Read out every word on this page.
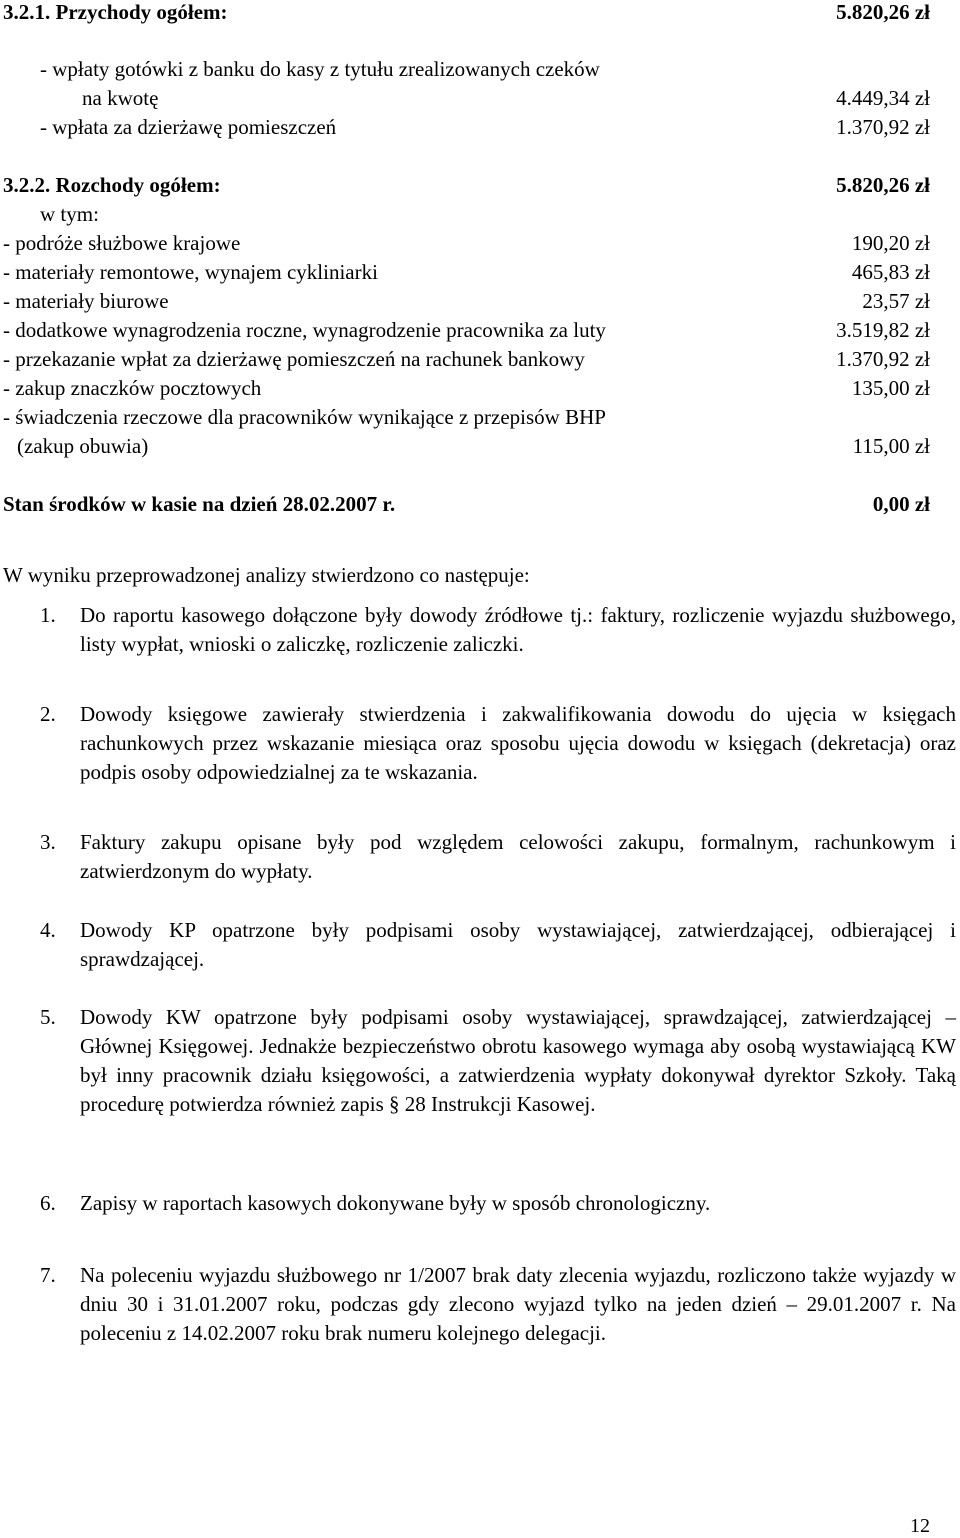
3.2.1. Przychody ogółem:	5.820,26 zł
- wpłaty gotówki z banku do kasy z tytułu zrealizowanych czeków
na kwotę	4.449,34 zł
- wpłata za dzierżawę pomieszczeń	1.370,92 zł
3.2.2. Rozchody ogółem:	5.820,26 zł
w tym:
- podróże służbowe krajowe	190,20 zł
- materiały remontowe, wynajem cykliniarki	465,83 zł
- materiały biurowe	23,57 zł
- dodatkowe wynagrodzenia roczne, wynagrodzenie pracownika za luty	3.519,82 zł
- przekazanie wpłat za dzierżawę pomieszczeń na rachunek bankowy	1.370,92 zł
- zakup znaczków pocztowych	135,00 zł
- świadczenia rzeczowe dla pracowników wynikające z przepisów BHP
(zakup obuwia)	115,00 zł
Stan środków w kasie na dzień 28.02.2007 r.	0,00 zł
W wyniku przeprowadzonej analizy stwierdzono co następuje:
1. Do raportu kasowego dołączone były dowody źródłowe tj.: faktury, rozliczenie wyjazdu służbowego, listy wypłat, wnioski o zaliczkę, rozliczenie zaliczki.
2. Dowody księgowe zawierały stwierdzenia i zakwalifikowania dowodu do ujęcia w księgach rachunkowych przez wskazanie miesiąca oraz sposobu ujęcia dowodu w księgach (dekretacja) oraz podpis osoby odpowiedzialnej za te wskazania.
3. Faktury zakupu opisane były pod względem celowości zakupu, formalnym, rachunkowym i zatwierdzonym do wypłaty.
4. Dowody KP opatrzone były podpisami osoby wystawiającej, zatwierdzającej, odbierającej i sprawdzającej.
5. Dowody KW opatrzone były podpisami osoby wystawiającej, sprawdzającej, zatwierdzającej – Głównej Księgowej. Jednakże bezpieczeństwo obrotu kasowego wymaga aby osobą wystawiającą KW był inny pracownik działu księgowości, a zatwierdzenia wypłaty dokonywał dyrektor Szkoły. Taką procedurę potwierdza również zapis § 28 Instrukcji Kasowej.
6. Zapisy w raportach kasowych dokonywane były w sposób chronologiczny.
7. Na poleceniu wyjazdu służbowego nr 1/2007 brak daty zlecenia wyjazdu, rozliczono także wyjazdy w dniu 30 i 31.01.2007 roku, podczas gdy zlecono wyjazd tylko na jeden dzień – 29.01.2007 r. Na poleceniu z 14.02.2007 roku brak numeru kolejnego delegacji.
12
